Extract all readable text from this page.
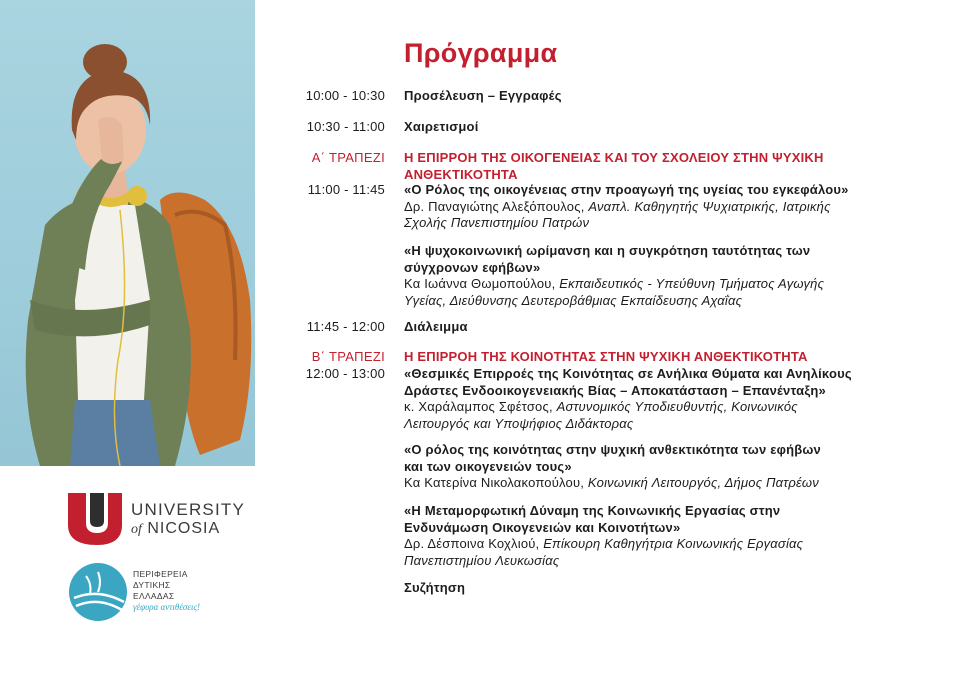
UNIVERSITY
of NICOSIA
ΠΕΡΙΦΕΡΕΙΑ
ΔΥΤΙΚΗΣ
ΕΛΛΑΔΑΣ
γέφυρα αντιθέσεις!
Πρόγραμμα
10:00 - 10:30 Προσέλευση – Εγγραφές
10:30 - 11:00 Χαιρετισμοί
Α΄ ΤΡΑΠΕΖΙ Η ΕΠΙΡΡΟΗ ΤΗΣ ΟΙΚΟΓΕΝΕΙΑΣ ΚΑΙ ΤΟΥ ΣΧΟΛΕΙΟΥ ΣΤΗΝ ΨΥΧΙΚΗ
ΑΝΘΕΚΤΙΚΟΤΗΤΑ
11:00 - 11:45 «Ο Ρόλος της οικογένειας στην προαγωγή της υγείας του εγκεφάλου»
Δρ. Παναγιώτης Αλεξόπουλος, Αναπλ. Καθηγητής Ψυχιατρικής, Ιατρικής
Σχολής Πανεπιστημίου Πατρών
«Η ψυχοκοινωνική ωρίμανση και η συγκρότηση ταυτότητας των
σύγχρονων εφήβων»
Κα Ιωάννα Θωμοπούλου, Εκπαιδευτικός - Υπεύθυνη Τμήματος Αγωγής
Υγείας, Διεύθυνσης Δευτεροβάθμιας Εκπαίδευσης Αχαΐας
11:45 - 12:00 Διάλειμμα
Β΄ ΤΡΑΠΕΖΙ Η ΕΠΙΡΡΟΗ ΤΗΣ ΚΟΙΝΟΤΗΤΑΣ ΣΤΗΝ ΨΥΧΙΚΗ ΑΝΘΕΚΤΙΚΟΤΗΤΑ
12:00 - 13:00 «Θεσμικές Επιρροές της Κοινότητας σε Ανήλικα Θύματα και Ανηλίκους
Δράστες Ενδοοικογενειακής Βίας – Αποκατάσταση – Επανένταξη»
κ. Χαράλαμπος Σφέτσος, Αστυνομικός Υποδιευθυντής, Κοινωνικός
Λειτουργός και Υποψήφιος Διδάκτορας
«Ο ρόλος της κοινότητας στην ψυχική ανθεκτικότητα των εφήβων
και των οικογενειών τους»
Κα Κατερίνα Νικολακοπούλου, Κοινωνική Λειτουργός, Δήμος Πατρέων
«Η Μεταμορφωτική Δύναμη της Κοινωνικής Εργασίας στην
Ενδυνάμωση Οικογενειών και Κοινοτήτων»
Δρ. Δέσποινα Κοχλιού, Επίκουρη Καθηγήτρια Κοινωνικής Εργασίας
Πανεπιστημίου Λευκωσίας
Συζήτηση
